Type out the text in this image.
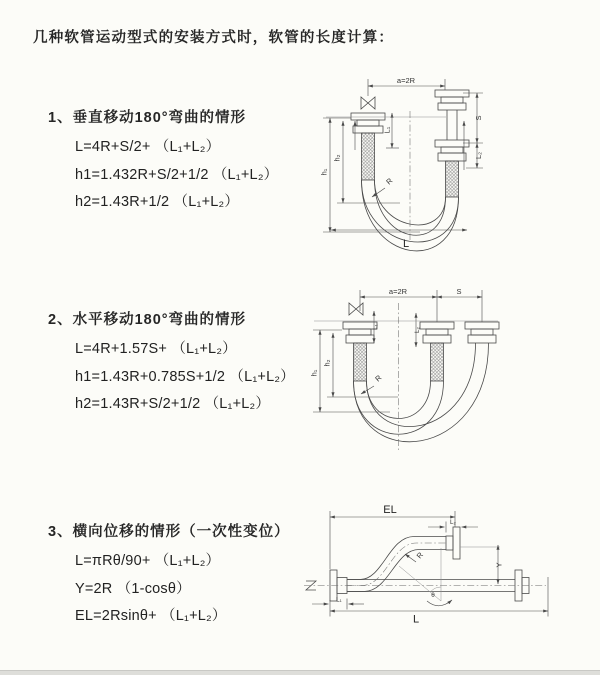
几种软管运动型式的安装方式时，软管的长度计算：
1、垂直移动180°弯曲的情形
L=4R+S/2+ （L₁+L₂）
h1=1.432R+S/2+1/2 （L₁+L₂）
h2=1.43R+1/2 （L₁+L₂）
2、水平移动180°弯曲的情形
L=4R+1.57S+ （L₁+L₂）
h1=1.43R+0.785S+1/2 （L₁+L₂）
h2=1.43R+S/2+1/2 （L₁+L₂）
3、横向位移的情形（一次性变位）
L=πRθ/90+ （L₁+L₂）
Y=2R （1-cosθ）
EL=2Rsinθ+ （L₁+L₂）
a=2R
L₁
S
L₂
h₁
h₂
R
L
a=2R	S
L₁
L₂
h₁
h₂
R
EL
L₂
Y
R
θ
L
L₁
